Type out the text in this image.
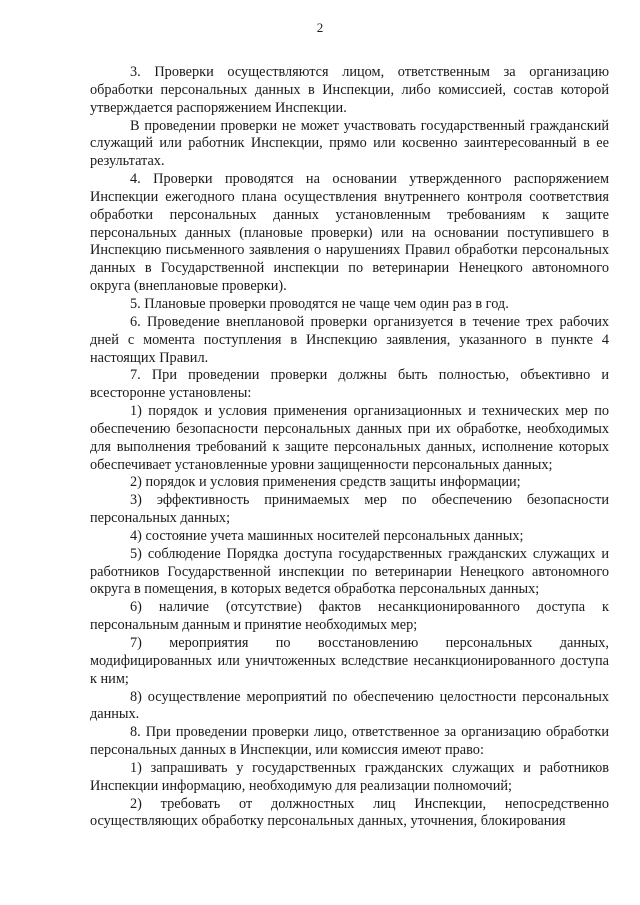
2

3. Проверки осуществляются лицом, ответственным за организацию обработки персональных данных в Инспекции, либо комиссией, состав которой утверждается распоряжением Инспекции.

В проведении проверки не может участвовать государственный гражданский служащий или работник Инспекции, прямо или косвенно заинтересованный в ее результатах.

4. Проверки проводятся на основании утвержденного распоряжением Инспекции ежегодного плана осуществления внутреннего контроля соответствия обработки персональных данных установленным требованиям к защите персональных данных (плановые проверки) или на основании поступившего в Инспекцию письменного заявления о нарушениях Правил обработки персональных данных в Государственной инспекции по ветеринарии Ненецкого автономного округа (внеплановые проверки).

5. Плановые проверки проводятся не чаще чем один раз в год.

6. Проведение внеплановой проверки организуется в течение трех рабочих дней с момента поступления в Инспекцию заявления, указанного в пункте 4 настоящих Правил.

7. При проведении проверки должны быть полностью, объективно и всесторонне установлены:

1) порядок и условия применения организационных и технических мер по обеспечению безопасности персональных данных при их обработке, необходимых для выполнения требований к защите персональных данных, исполнение которых обеспечивает установленные уровни защищенности персональных данных;

2) порядок и условия применения средств защиты информации;

3) эффективность принимаемых мер по обеспечению безопасности персональных данных;

4) состояние учета машинных носителей персональных данных;

5) соблюдение Порядка доступа государственных гражданских служащих и работников Государственной инспекции по ветеринарии Ненецкого автономного округа в помещения, в которых ведется обработка персональных данных;

6) наличие (отсутствие) фактов несанкционированного доступа к персональным данным и принятие необходимых мер;

7) мероприятия по восстановлению персональных данных, модифицированных или уничтоженных вследствие несанкционированного доступа к ним;

8) осуществление мероприятий по обеспечению целостности персональных данных.

8. При проведении проверки лицо, ответственное за организацию обработки персональных данных в Инспекции, или комиссия имеют право:

1) запрашивать у государственных гражданских служащих и работников Инспекции информацию, необходимую для реализации полномочий;

2) требовать от должностных лиц Инспекции, непосредственно осуществляющих обработку персональных данных, уточнения, блокирования
